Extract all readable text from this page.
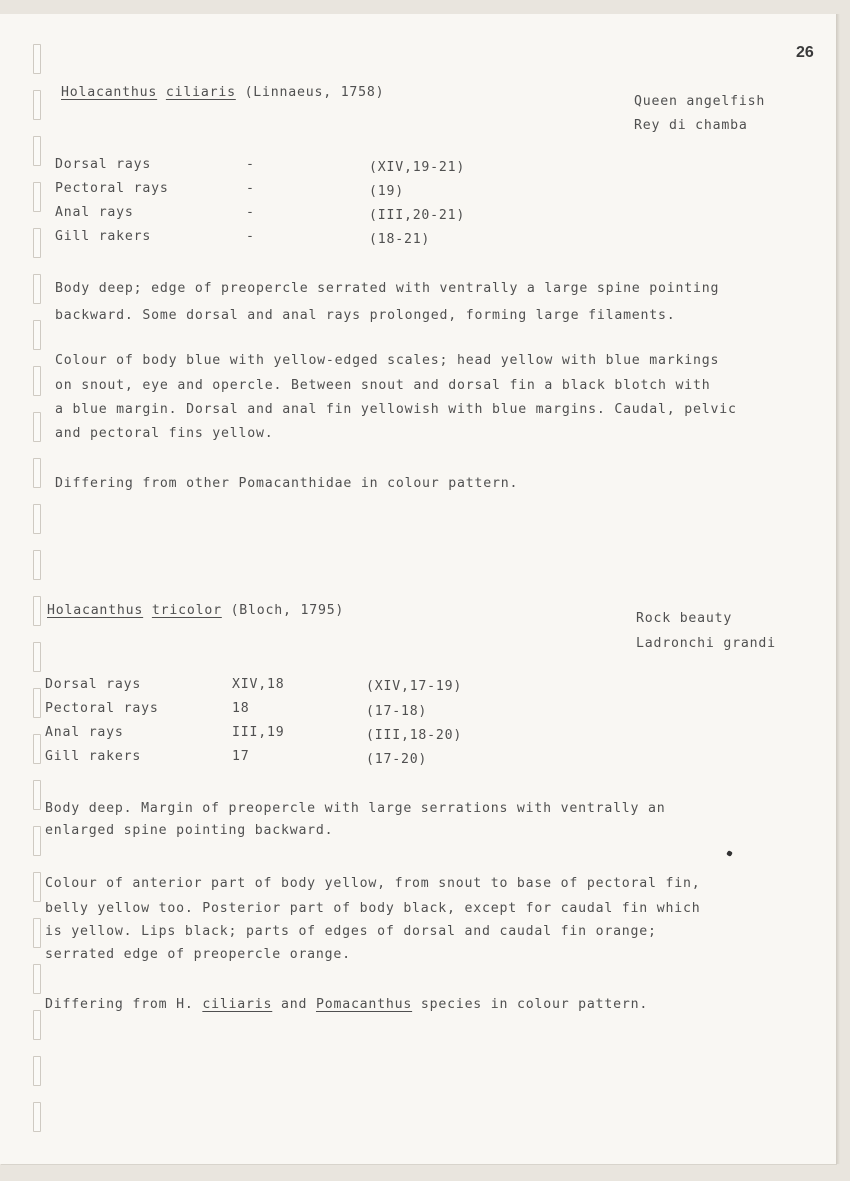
26
Holacanthus ciliaris (Linnaeus, 1758)
Queen angelfish
Rey di chamba
Dorsal rays	-	(XIV,19-21)
Pectoral rays	-	(19)
Anal rays	-	(III,20-21)
Gill rakers	-	(18-21)
Body deep; edge of preopercle serrated with ventrally a large spine pointing
backward. Some dorsal and anal rays prolonged, forming large filaments.
Colour of body blue with yellow-edged scales; head yellow with blue markings
on snout, eye and opercle. Between snout and dorsal fin a black blotch with
a blue margin. Dorsal and anal fin yellowish with blue margins. Caudal, pelvic
and pectoral fins yellow.
Differing from other Pomacanthidae in colour pattern.
Holacanthus tricolor (Bloch, 1795)
Rock beauty
Ladronchi grandi
Dorsal rays	XIV,18	(XIV,17-19)
Pectoral rays	18	(17-18)
Anal rays	III,19	(III,18-20)
Gill rakers	17	(17-20)
Body deep. Margin of preopercle with large serrations with ventrally an
enlarged spine pointing backward.
Colour of anterior part of body yellow, from snout to base of pectoral fin,
belly yellow too. Posterior part of body black, except for caudal fin which
is yellow. Lips black; parts of edges of dorsal and caudal fin orange;
serrated edge of preopercle orange.
Differing from H. ciliaris and Pomacanthus species in colour pattern.
